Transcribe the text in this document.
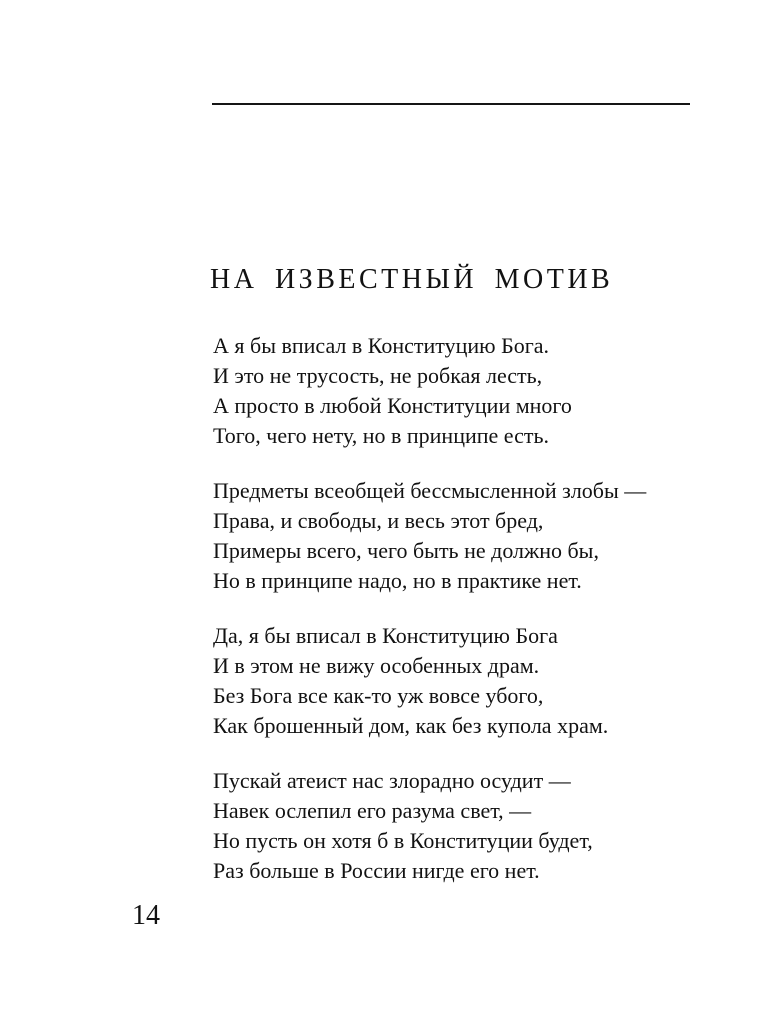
НА ИЗВЕСТНЫЙ МОТИВ
А я бы вписал в Конституцию Бога.
И это не трусость, не робкая лесть,
А просто в любой Конституции много
Того, чего нету, но в принципе есть.
Предметы всеобщей бессмысленной злобы —
Права, и свободы, и весь этот бред,
Примеры всего, чего быть не должно бы,
Но в принципе надо, но в практике нет.
Да, я бы вписал в Конституцию Бога
И в этом не вижу особенных драм.
Без Бога все как-то уж вовсе убого,
Как брошенный дом, как без купола храм.
Пускай атеист нас злорадно осудит —
Навек ослепил его разума свет, —
Но пусть он хотя б в Конституции будет,
Раз больше в России нигде его нет.
14
